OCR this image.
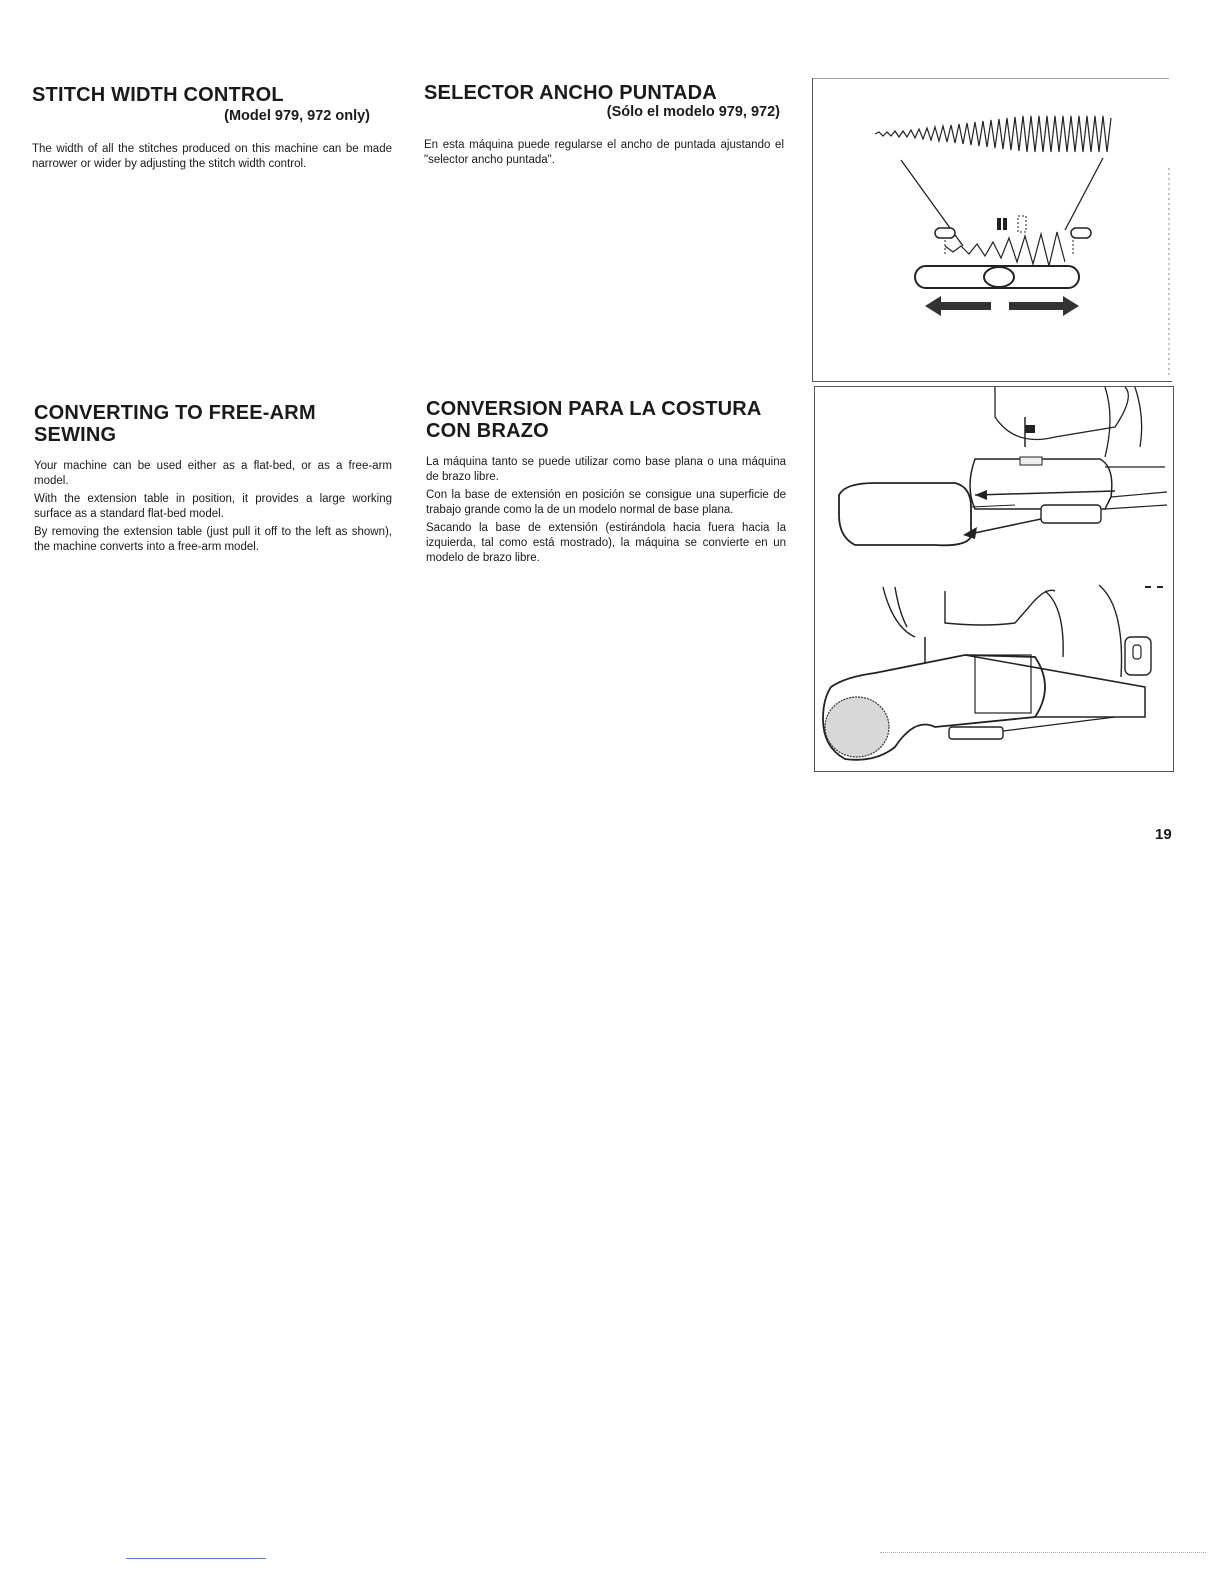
STITCH WIDTH CONTROL
(Model 979, 972 only)
The width of all the stitches produced on this machine can be made narrower or wider by adjusting the stitch width control.
SELECTOR ANCHO PUNTADA
(Sólo el modelo 979, 972)
En esta máquina puede regularse el ancho de puntada ajustando el "selector ancho puntada".
CONVERTING TO FREE-ARM
SEWING

Your machine can be used either as a flat-bed, or as a free-arm model.

With the extension table in position, it provides a large working surface as a standard flat-bed model.

By removing the extension table (just pull it off to the left as shown), the machine converts into a free-arm model.

CONVERSION PARA LA COSTURA
CON BRAZO

La máquina tanto se puede utilizar como base plana o una máquina de brazo libre.

Con la base de extensión en posición se consigue una superficie de trabajo grande como la de un modelo normal de base plana.

Sacando la base de extensión (estirándola hacia fuera hacia la izquierda, tal como está mostrado), la máquina se convierte en un modelo de brazo libre.

19
